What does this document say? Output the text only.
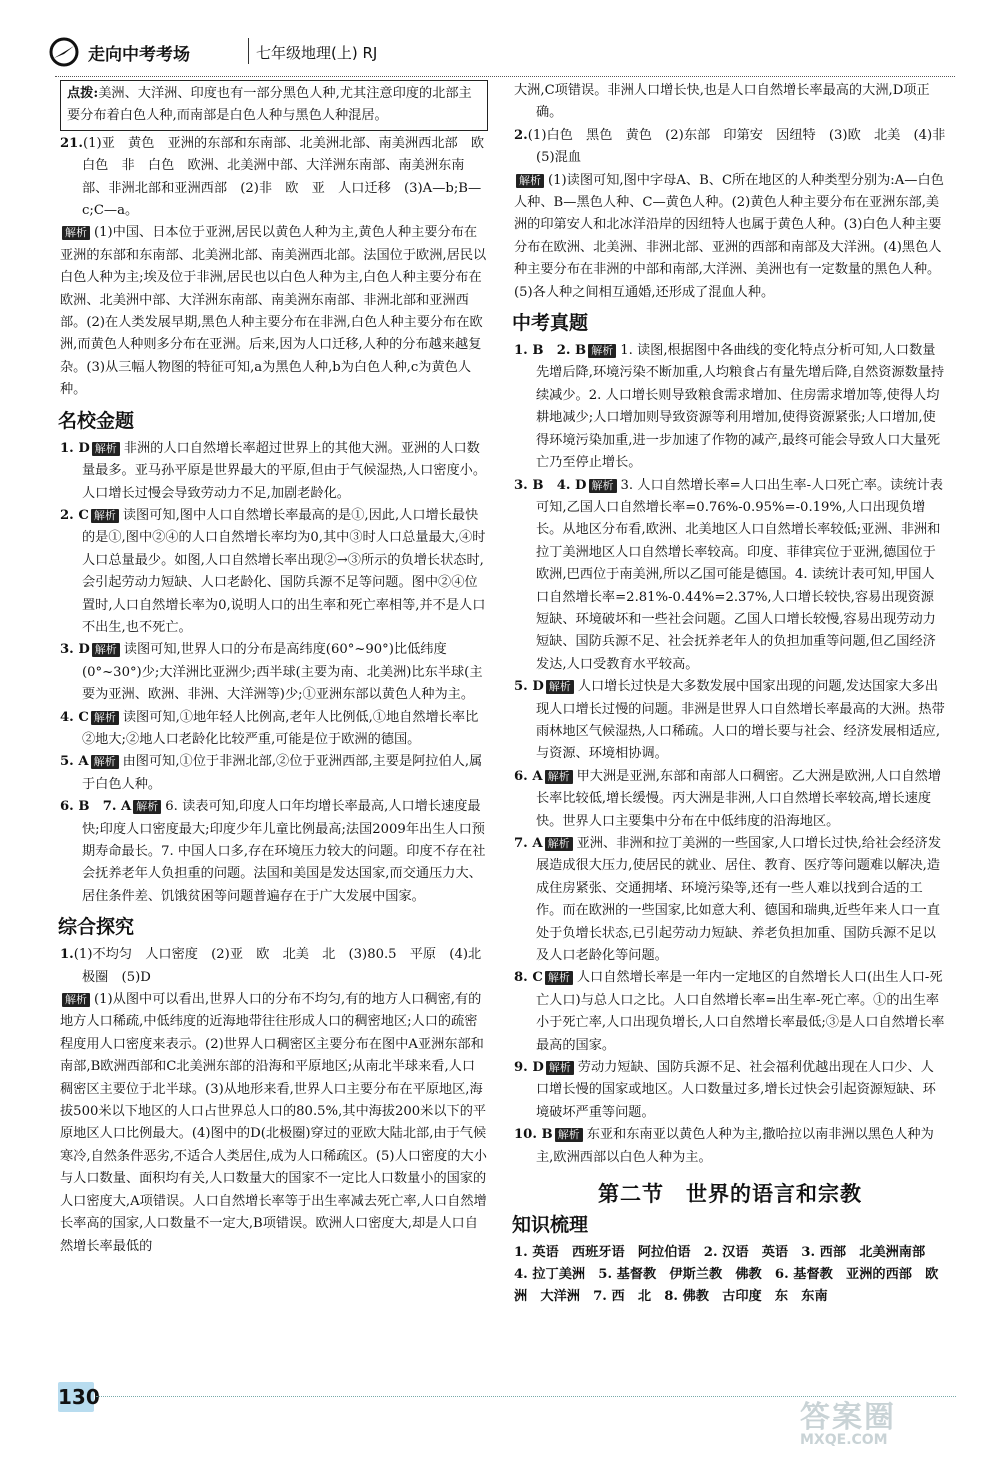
走向中考考场	七年级地理(上) RJ
点拨:美洲、大洋洲、印度也有一部分黑色人种,尤其注意印度的北部主要分布着白色人种,而南部是白色人种与黑色人种混居。

21.(1)亚　黄色　亚洲的东部和东南部、北美洲北部、南美洲西北部　欧　白色　非　白色　欧洲、北美洲中部、大洋洲东南部、南美洲东南部、非洲北部和亚洲西部　(2)非　欧　亚　人口迁移　(3)A—b;B—c;C—a。

解析 (1)中国、日本位于亚洲,居民以黄色人种为主,黄色人种主要分布在亚洲的东部和东南部、北美洲北部、南美洲西北部。法国位于欧洲,居民以白色人种为主;埃及位于非洲,居民也以白色人种为主,白色人种主要分布在欧洲、北美洲中部、大洋洲东南部、南美洲东南部、非洲北部和亚洲西部。(2)在人类发展早期,黑色人种主要分布在非洲,白色人种主要分布在欧洲,而黄色人种则多分布在亚洲。后来,因为人口迁移,人种的分布越来越复杂。(3)从三幅人物图的特征可知,a为黑色人种,b为白色人种,c为黄色人种。

名校金题

1. D 解析 非洲的人口自然增长率超过世界上的其他大洲。亚洲的人口数量最多。亚马孙平原是世界最大的平原,但由于气候湿热,人口密度小。人口增长过慢会导致劳动力不足,加剧老龄化。

2. C 解析 读图可知,图中人口自然增长率最高的是①,因此,人口增长最快的是①,图中②④的人口自然增长率均为0,其中③时人口总量最大,④时人口总量最少。如图,人口自然增长率出现②→③所示的负增长状态时,会引起劳动力短缺、人口老龄化、国防兵源不足等问题。图中②④位置时,人口自然增长率为0,说明人口的出生率和死亡率相等,并不是人口不出生,也不死亡。

3. D 解析 读图可知,世界人口的分布是高纬度(60°~90°)比低纬度(0°~30°)少;大洋洲比亚洲少;西半球(主要为南、北美洲)比东半球(主要为亚洲、欧洲、非洲、大洋洲等)少;①亚洲东部以黄色人种为主。

4. C 解析 读图可知,①地年轻人比例高,老年人比例低,①地自然增长率比②地大;②地人口老龄化比较严重,可能是位于欧洲的德国。

5. A 解析 由图可知,①位于非洲北部,②位于亚洲西部,主要是阿拉伯人,属于白色人种。

6. B　7. A 解析 6. 读表可知,印度人口年均增长率最高,人口增长速度最快;印度人口密度最大;印度少年儿童比例最高;法国2009年出生人口预期寿命最长。7. 中国人口多,存在环境压力较大的问题。印度不存在社会抚养老年人负担重的问题。法国和美国是发达国家,而交通压力大、居住条件差、饥饿贫困等问题普遍存在于广大发展中国家。

综合探究

1.(1)不均匀　人口密度　(2)亚　欧　北美　北　(3)80.5　平原　(4)北极圈　(5)D

解析 (1)从图中可以看出,世界人口的分布不均匀,有的地方人口稠密,有的地方人口稀疏,中低纬度的近海地带往往形成人口的稠密地区;人口的疏密程度用人口密度来表示。(2)世界人口稠密区主要分布在图中A亚洲东部和南部,B欧洲西部和C北美洲东部的沿海和平原地区;从南北半球来看,人口稠密区主要位于北半球。(3)从地形来看,世界人口主要分布在平原地区,海拔500米以下地区的人口占世界总人口的80.5%,其中海拔200米以下的平原地区人口比例最大。(4)图中的D(北极圈)穿过的亚欧大陆北部,由于气候寒冷,自然条件恶劣,不适合人类居住,成为人口稀疏区。(5)人口密度的大小与人口数量、面积均有关,人口数量大的国家不一定比人口数量小的国家的人口密度大,A项错误。人口自然增长率等于出生率减去死亡率,人口自然增长率高的国家,人口数量不一定大,B项错误。欧洲人口密度大,却是人口自然增长率最低的

大洲,C项错误。非洲人口增长快,也是人口自然增长率最高的大洲,D项正确。

2.(1)白色　黑色　黄色　(2)东部　印第安　因纽特　(3)欧　北美　(4)非　(5)混血

解析 (1)读图可知,图中字母A、B、C所在地区的人种类型分别为:A—白色人种、B—黑色人种、C—黄色人种。(2)黄色人种主要分布在亚洲东部,美洲的印第安人和北冰洋沿岸的因纽特人也属于黄色人种。(3)白色人种主要分布在欧洲、北美洲、非洲北部、亚洲的西部和南部及大洋洲。(4)黑色人种主要分布在非洲的中部和南部,大洋洲、美洲也有一定数量的黑色人种。(5)各人种之间相互通婚,还形成了混血人种。

中考真题

1. B　2. B 解析 1. 读图,根据图中各曲线的变化特点分析可知,人口数量先增后降,环境污染不断加重,人均粮食占有量先增后降,自然资源数量持续减少。2. 人口增长则导致粮食需求增加、住房需求增加等,使得人均耕地减少;人口增加则导致资源等利用增加,使得资源紧张;人口增加,使得环境污染加重,进一步加速了作物的减产,最终可能会导致人口大量死亡乃至停止增长。

3. B　4. D 解析 3. 人口自然增长率=人口出生率-人口死亡率。读统计表可知,乙国人口自然增长率=0.76%-0.95%=-0.19%,人口出现负增长。从地区分布看,欧洲、北美地区人口自然增长率较低;亚洲、非洲和拉丁美洲地区人口自然增长率较高。印度、菲律宾位于亚洲,德国位于欧洲,巴西位于南美洲,所以乙国可能是德国。4. 读统计表可知,甲国人口自然增长率=2.81%-0.44%=2.37%,人口增长较快,容易出现资源短缺、环境破坏和一些社会问题。乙国人口增长较慢,容易出现劳动力短缺、国防兵源不足、社会抚养老年人的负担加重等问题,但乙国经济发达,人口受教育水平较高。

5. D 解析 人口增长过快是大多数发展中国家出现的问题,发达国家大多出现人口增长过慢的问题。非洲是世界人口自然增长率最高的大洲。热带雨林地区气候湿热,人口稀疏。人口的增长要与社会、经济发展相适应,与资源、环境相协调。

6. A 解析 甲大洲是亚洲,东部和南部人口稠密。乙大洲是欧洲,人口自然增长率比较低,增长缓慢。丙大洲是非洲,人口自然增长率较高,增长速度快。世界人口主要集中分布在中低纬度的沿海地区。

7. A 解析 亚洲、非洲和拉丁美洲的一些国家,人口增长过快,给社会经济发展造成很大压力,使居民的就业、居住、教育、医疗等问题难以解决,造成住房紧张、交通拥堵、环境污染等,还有一些人难以找到合适的工作。而在欧洲的一些国家,比如意大利、德国和瑞典,近些年来人口一直处于负增长状态,已引起劳动力短缺、养老负担加重、国防兵源不足以及人口老龄化等问题。

8. C 解析 人口自然增长率是一年内一定地区的自然增长人口(出生人口-死亡人口)与总人口之比。人口自然增长率=出生率-死亡率。①的出生率小于死亡率,人口出现负增长,人口自然增长率最低;③是人口自然增长率最高的国家。

9. D 解析 劳动力短缺、国防兵源不足、社会福利优越出现在人口少、人口增长慢的国家或地区。人口数量过多,增长过快会引起资源短缺、环境破坏严重等问题。

10. B 解析 东亚和东南亚以黄色人种为主,撒哈拉以南非洲以黑色人种为主,欧洲西部以白色人种为主。

第二节　世界的语言和宗教
知识梳理

1. 英语　西班牙语　阿拉伯语　2. 汉语　英语　3. 西部　北美洲南部　4. 拉丁美洲　5. 基督教　伊斯兰教　佛教　6. 基督教　亚洲的西部　欧洲　大洋洲　7. 西　北　8. 佛教　古印度　东　东南

130
答案圈
MXQE.COM
